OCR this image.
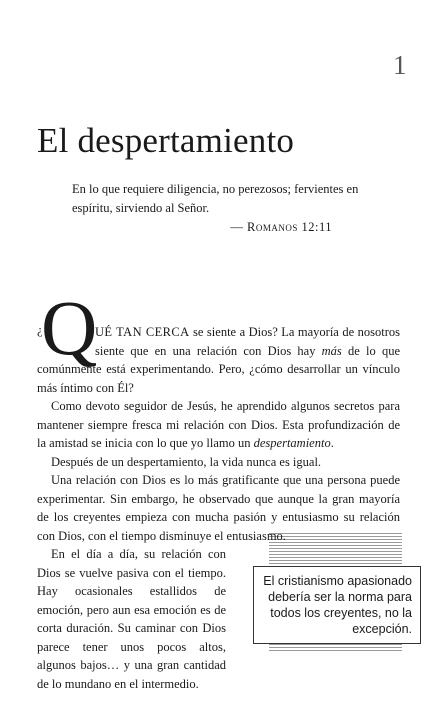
1
El despertamiento
En lo que requiere diligencia, no perezosos; fervientes en espíritu, sirviendo al Señor.
— Romanos 12:11
El cristianismo apasionado debería ser la norma para todos los creyentes, no la excepción.

¿
Q
UÉ TAN CERCA se siente a Dios? La mayoría de nosotros siente que en una relación con Dios hay más de lo que comúnmente está experimentando. Pero, ¿cómo desarrollar un vínculo más íntimo con Él?

Como devoto seguidor de Jesús, he aprendido algunos secretos para mantener siempre fresca mi relación con Dios. Esta profundización de la amistad se inicia con lo que yo llamo un despertamiento.

Después de un despertamiento, la vida nunca es igual.

Una relación con Dios es lo más gratificante que una persona puede experimentar. Sin embargo, he observado que aunque la gran mayoría de los creyentes empieza con mucha pasión y entusiasmo su relación con Dios, con el tiempo disminuye el entusiasmo.

En el día a día, su relación con Dios se vuelve pasiva con el tiempo. Hay ocasionales estallidos de emoción, pero aun esa emoción es de corta duración. Su caminar con Dios parece tener unos pocos altos, algunos bajos… y una gran cantidad de lo mundano en el intermedio.
